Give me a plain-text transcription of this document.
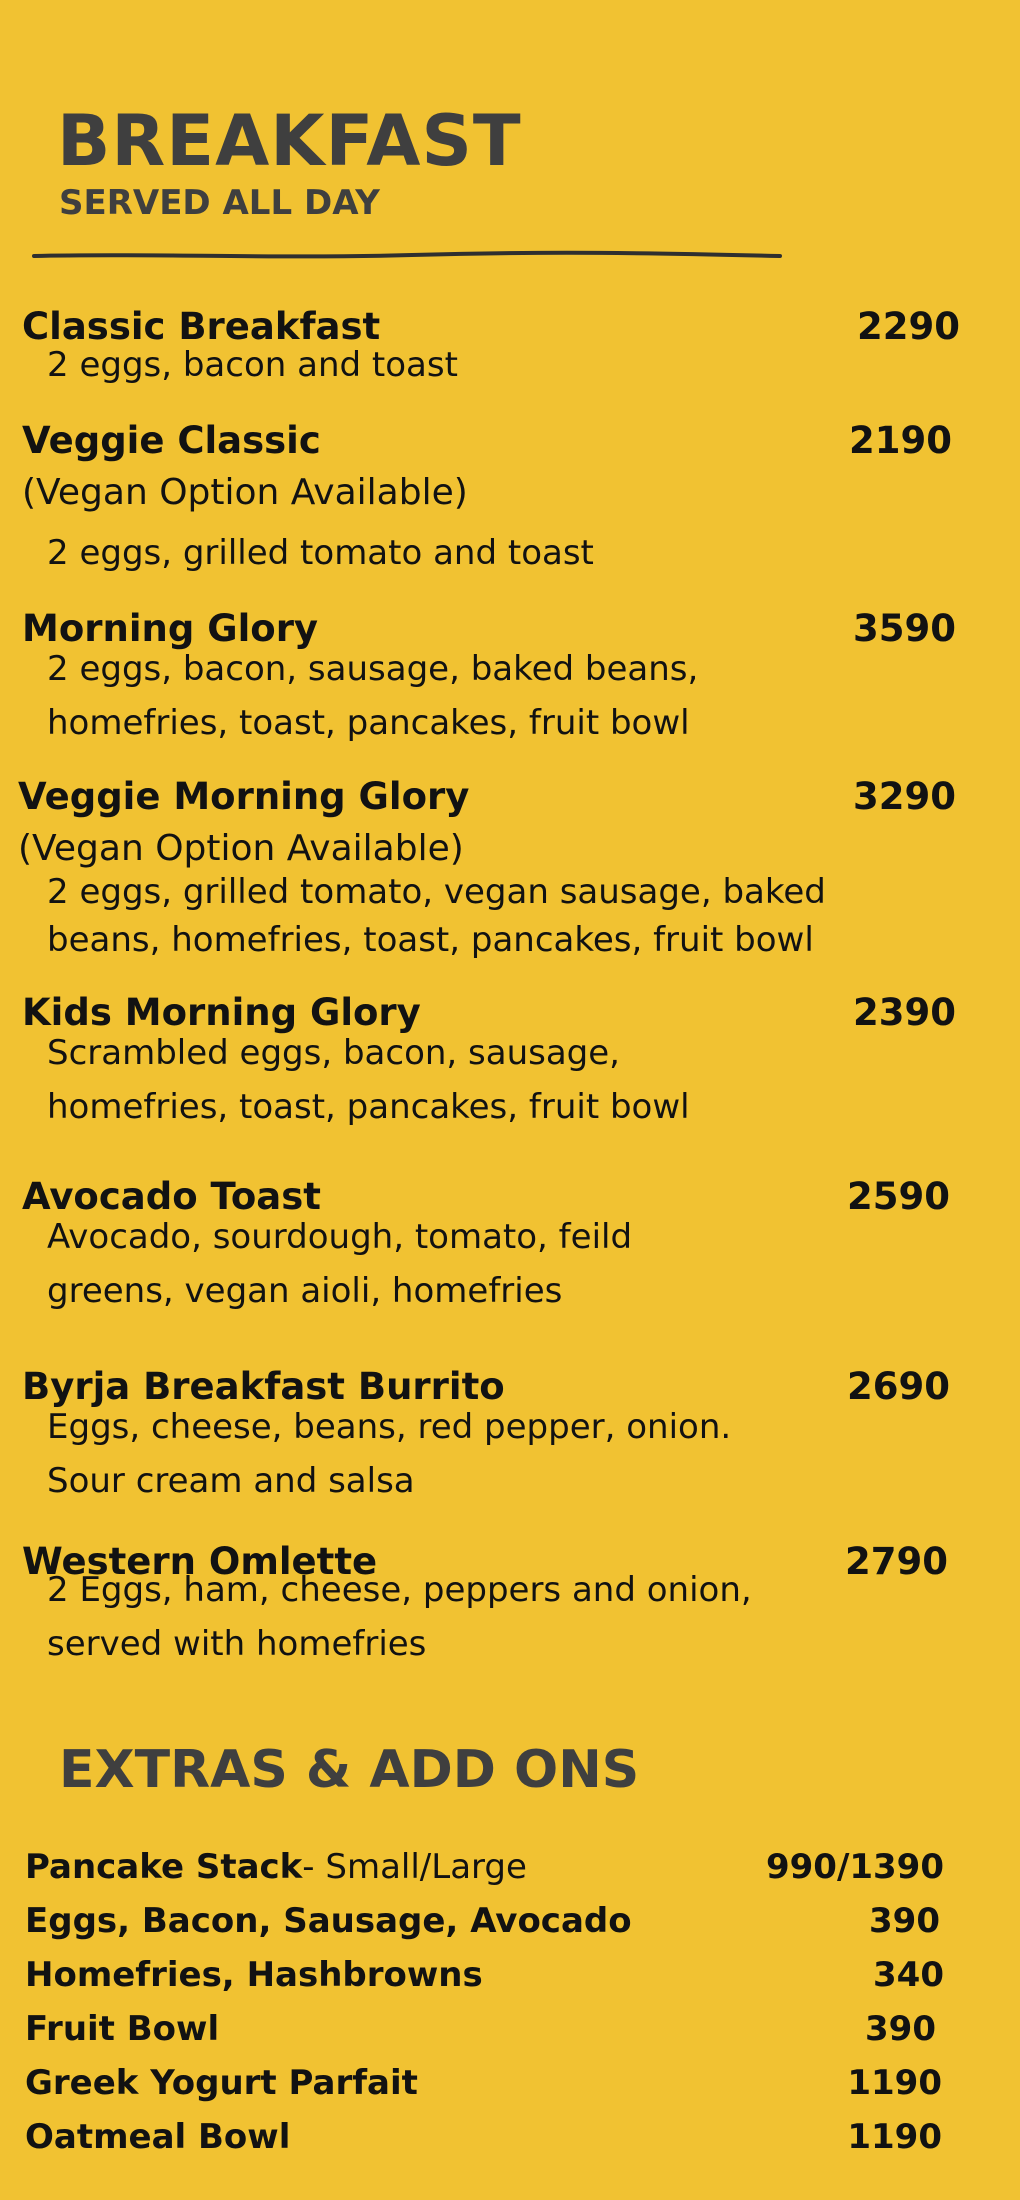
BREAKFAST
SERVED ALL DAY
Classic Breakfast	2290
2 eggs, bacon and toast
Veggie Classic	2190
(Vegan Option Available)
2 eggs, grilled tomato and toast
Morning Glory	3590
2 eggs, bacon, sausage, baked beans,
homefries, toast, pancakes, fruit bowl
Veggie Morning Glory	3290
(Vegan Option Available)
2 eggs, grilled tomato, vegan sausage, baked
beans, homefries, toast, pancakes, fruit bowl
Kids Morning Glory	2390
Scrambled eggs, bacon, sausage,
homefries, toast, pancakes, fruit bowl
Avocado Toast	2590
Avocado, sourdough, tomato, feild
greens, vegan aioli, homefries
Byrja Breakfast Burrito	2690
Eggs, cheese, beans, red pepper, onion.
Sour cream and salsa
Western Omlette	2790
2 Eggs, ham, cheese, peppers and onion,
served with homefries
EXTRAS & ADD ONS
Pancake Stack- Small/Large	990/1390
Eggs, Bacon, Sausage, Avocado	390
Homefries, Hashbrowns	340
Fruit Bowl	390
Greek Yogurt Parfait	1190
Oatmeal Bowl	1190
